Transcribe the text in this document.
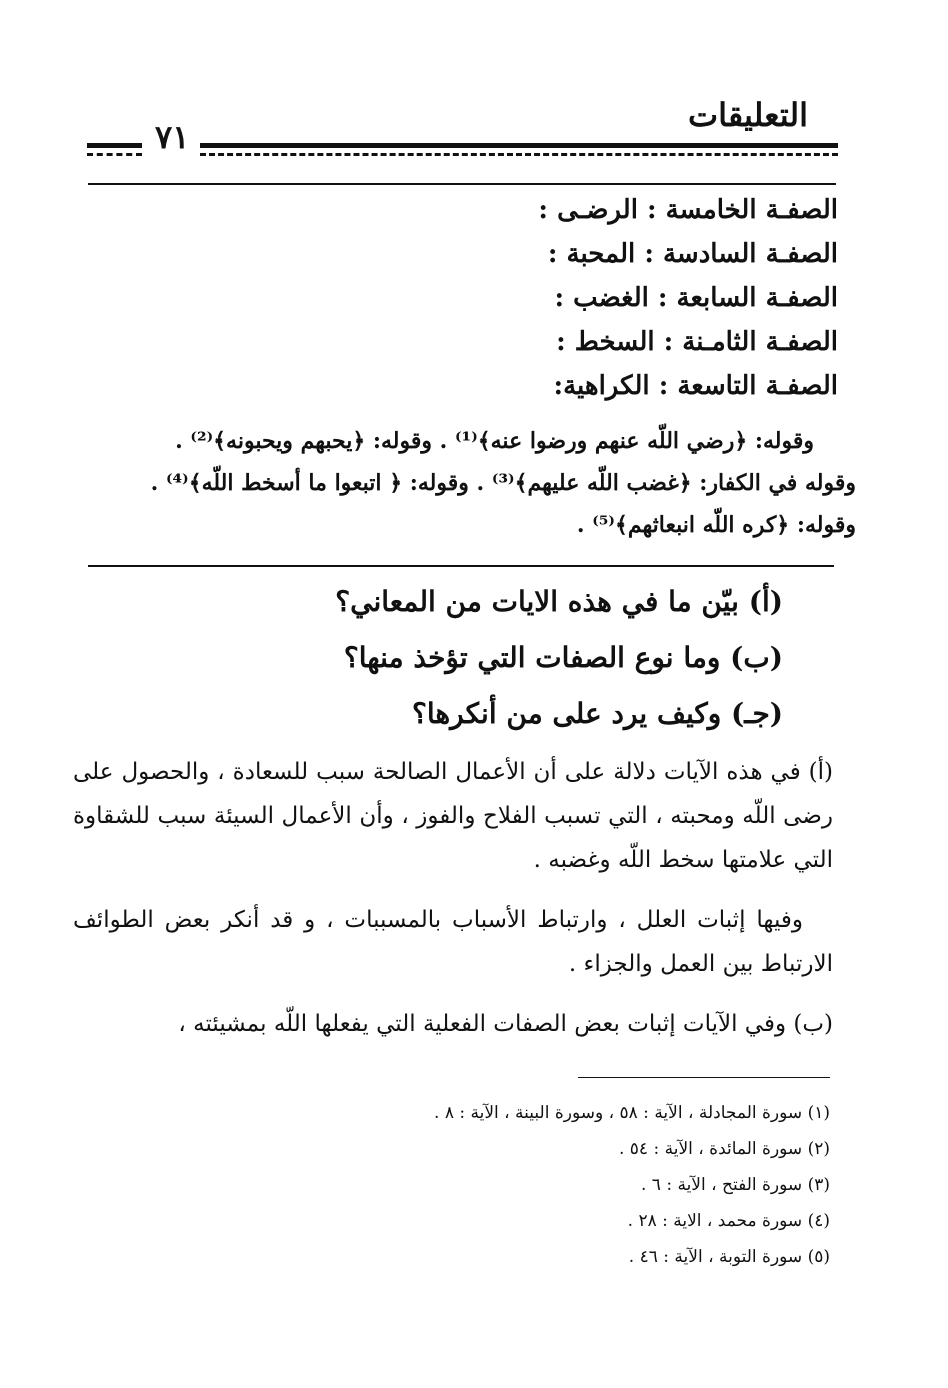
التعليقات
٧١
الصفـة الخامسة : الرضـى :
الصفـة السادسة : المحبة :
الصفـة السابعة : الغضب :
الصفـة الثامـنة : السخط :
الصفـة التاسعة : الكراهية:

وقوله: ﴿رضي اللّه عنهم ورضوا عنه﴾⁽¹⁾ . وقوله: ﴿يحبهم ويحبونه﴾⁽²⁾ .

وقوله في الكفار: ﴿غضب اللّه عليهم﴾⁽³⁾ . وقوله: ﴿ اتبعوا ما أسخط اللّه﴾⁽⁴⁾ .

وقوله: ﴿كره اللّه انبعاثهم﴾⁽⁵⁾ .

(أ) بيّن ما في هذه الايات من المعاني؟

(ب) وما نوع الصفات التي تؤخذ منها؟

(جـ) وكيف يرد على من أنكرها؟

(أ) في هذه الآيات دلالة على أن الأعمال الصالحة سبب للسعادة ، والحصول على رضى اللّه ومحبته ، التي تسبب الفلاح والفوز ، وأن الأعمال السيئة سبب للشقاوة التي علامتها سخط اللّه وغضبه .

وفيها إثبات العلل ، وارتباط الأسباب بالمسببات ، و قد أنكر بعض الطوائف الارتباط بين العمل والجزاء .

(ب) وفي الآيات إثبات بعض الصفات الفعلية التي يفعلها اللّه بمشيئته ،

(١) سورة المجادلة ، الآية : ٥٨ ، وسورة البينة ، الآية : ٨ .
(٢) سورة المائدة ، الآية : ٥٤ .
(٣) سورة الفتح ، الآية : ٦ .
(٤) سورة محمد ، الاية : ٢٨ .
(٥) سورة التوبة ، الآية : ٤٦ .
